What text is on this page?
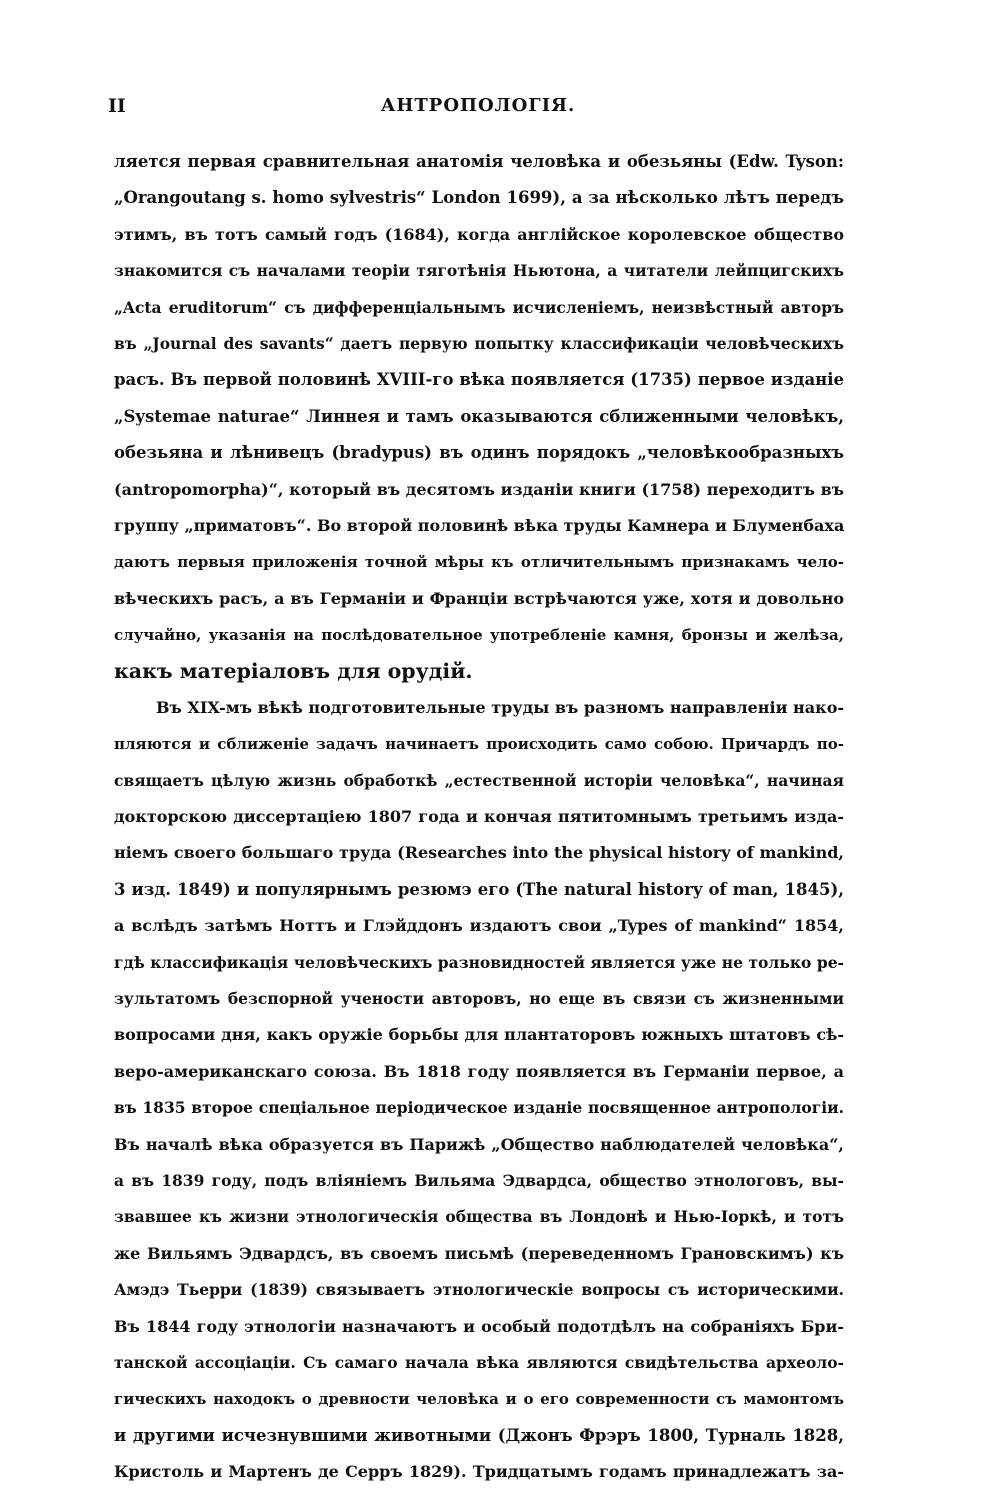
II	АНТРОПОЛОГІЯ.
ляется первая сравнительная анатомія человѣка и обезьяны (Edw. Tyson:
„Orangoutang s. homo sylvestris“ London 1699), а за нѣсколько лѣтъ передъ
этимъ, въ тотъ самый годъ (1684), когда англійское королевское общество
знакомится съ началами теоріи тяготѣнія Ньютона, а читатели лейпцигскихъ
„Acta eruditorum“ съ дифференціальнымъ исчисленіемъ, неизвѣстный авторъ
въ „Journal des savants“ даетъ первую попытку классификаціи человѣческихъ
расъ. Въ первой половинѣ XVIII-го вѣка появляется (1735) первое изданіе
„Systemae naturae“ Линнея и тамъ оказываются сближенными человѣкъ,
обезьяна и лѣнивецъ (bradypus) въ одинъ порядокъ „человѣкообразныхъ
(antropomorpha)“, который въ десятомъ изданіи книги (1758) переходитъ въ
группу „приматовъ“. Во второй половинѣ вѣка труды Камнера и Блуменбаха
даютъ первыя приложенія точной мѣры къ отличительнымъ признакамъ чело-
вѣческихъ расъ, а въ Германіи и Франціи встрѣчаются уже, хотя и довольно
случайно, указанія на послѣдовательное употребленіе камня, бронзы и желѣза,
какъ матеріаловъ для орудій.
Въ XIX-мъ вѣкѣ подготовительные труды въ разномъ направленіи нако-
пляются и сближеніе задачъ начинаетъ происходить само собою. Причардъ по-
свящаетъ цѣлую жизнь обработкѣ „естественной исторіи человѣка“, начиная
докторскою диссертаціею 1807 года и кончая пятитомнымъ третьимъ изда-
ніемъ своего большаго труда (Researches into the physical history of mankind,
3 изд. 1849) и популярнымъ резюмэ его (The natural history of man, 1845),
а вслѣдъ затѣмъ Ноттъ и Глэйддонъ издаютъ свои „Types of mankind“ 1854,
гдѣ классификація человѣческихъ разновидностей является уже не только ре-
зультатомъ безспорной учености авторовъ, но еще въ связи съ жизненными
вопросами дня, какъ оружіе борьбы для плантаторовъ южныхъ штатовъ сѣ-
веро-американскаго союза. Въ 1818 году появляется въ Германіи первое, а
въ 1835 второе спеціальное періодическое изданіе посвященное антропологіи.
Въ началѣ вѣка образуется въ Парижѣ „Общество наблюдателей человѣка“,
а въ 1839 году, подъ вліяніемъ Вильяма Эдвардса, общество этнологовъ, вы-
звавшее къ жизни этнологическія общества въ Лондонѣ и Нью-Іоркѣ, и тотъ
же Вильямъ Эдвардсъ, въ своемъ письмѣ (переведенномъ Грановскимъ) къ
Амэдэ Тьерри (1839) связываетъ этнологическіе вопросы съ историческими.
Въ 1844 году этнологіи назначаютъ и особый подотдѣлъ на собраніяхъ Бри-
танской ассоціаціи. Съ самаго начала вѣка являются свидѣтельства археоло-
гическихъ находокъ о древности человѣка и о его современности съ мамонтомъ
и другими исчезнувшими животными (Джонъ Фрэръ 1800, Турналь 1828,
Кристоль и Мартенъ де Серръ 1829). Тридцатымъ годамъ принадлежатъ за-
